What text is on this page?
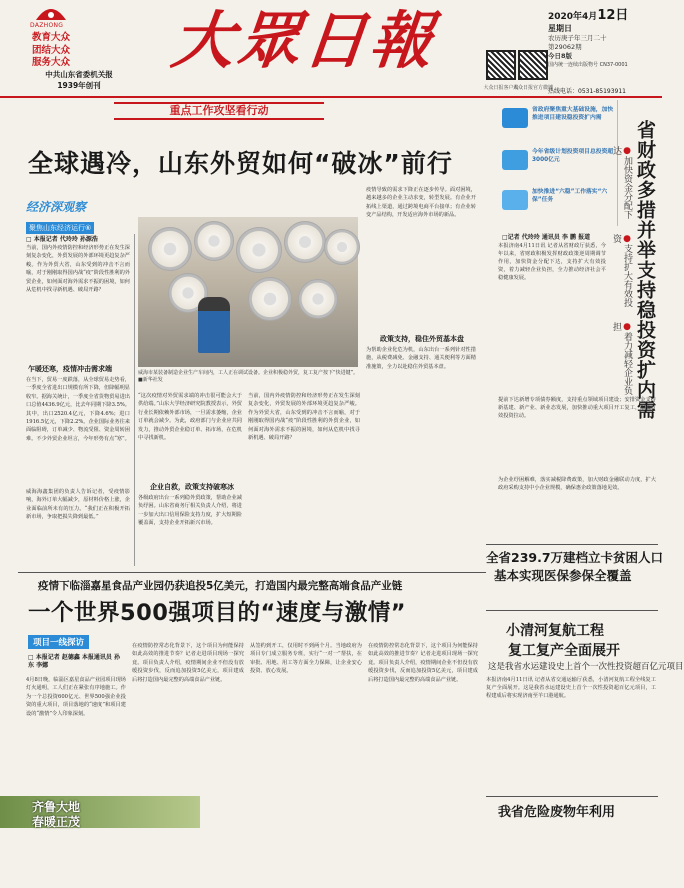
DAZHONG
教育大众
团结大众
服务大众
中共山东省委机关报
1939年创刊
大眾日報
大众日报客户端
大众日报官方微博
2020年4月12日
星期日
农历庚子年三月二十
第29062期
今日8版
国内统一连续出版物号 CN37-0001
热线电话：0531-85193911
重点工作攻坚看行动
全球遇冷，山东外贸如何“破冰”前行
经济深观察
聚焦山东经济运行⑥
□ 本报记者 代玲玲 孙源浩
当前，国内外疫情防控和经济形势正在发生深刻复杂变化，外贸发展的外部环境更趋复杂严峻。作为外贸大省，山东受到的冲击不言而喻，对于刚刚取得国内战“疫”阶段性胜利的外贸企业，如何面对海外需求不振的困境，如何从危机中找寻新机遇、破局开路？
乍暖还寒，疫情冲击需求端
在当下，贸易一度跌落，从全球贸易走势看，一季度全省进出口规模有所下降，但降幅明显收窄。据海关统计，一季度全省货物贸易进出口总值4436.9亿元，比去年同期下降3.5%。其中，出口2520.4亿元，下降4.6%；进口1916.5亿元，下降2.2%。企业国际业务往来面临阻碍，订单减少、物流受阻、资金周转困难。不少外贸企业坦言，今年形势有点“寒”。
威海海鑫集团的负责人告诉记者，受疫情影响，海外订单大幅减少，原材料价格上涨，企业面临前所未有的压力。“我们正在积极开拓新市场，争取把损失降到最低。”
威海市某装备制造企业生产车间内，工人正在调试设备。企业积极稳外贸，复工复产按下“快进键”。 ■新华社发
“这次疫情对外贸需求端的冲击很可能会大于供给端。”山东大学经济研究院教授表示，外贸行业长期依赖外部市场，一旦需求萎缩，企业订单就会减少。为此，政府部门与企业应共同发力，推动外贸企业稳订单、拓市场，在危机中寻找新机。
企业自救，政策支持破寒冰
各级政府出台一系列稳外贸政策，帮助企业减负纾困。山东省商务厅相关负责人介绍，将进一步加大出口信用保险支持力度，扩大短期险覆盖面，支持企业开拓新兴市场。
当前，国内外疫情防控和经济形势正在发生深刻复杂变化，外贸发展的外部环境更趋复杂严峻。作为外贸大省，山东受到的冲击不言而喻，对于刚刚取得国内战“疫”阶段性胜利的外贸企业，如何面对海外需求不振的困境，如何从危机中找寻新机遇、破局开路？
疫情导致的需求下降正在逐步传导。面对困境，越来越多的企业主动求变，转型发展。有企业开拓线上渠道，通过跨境电商平台接单；有企业转变产品结构，开发适应海外市场的新品。
政策支持，稳住外贸基本盘
为帮助企业化危为机，山东出台一系列针对性措施，从税费减免、金融支持、通关便利等方面精准施策，全力以赴稳住外贸基本盘。
疫情下临淄嘉星食品产业园仍获追投5亿美元，打造国内最完整高端食品产业链
一个世界500强项目的“速度与激情”
项目一线探访
□ 本报记者 赵德鑫 本报通讯员 孙 东 李娜
4月8日晚，临淄区嘉星食品产业园项目现场灯火通明，工人们正在紧张有序地施工。作为一个总投资600亿元、世界500强企业投资的重大项目，项目落地的“速度”和项目建设的“激情”令人印象深刻。
在疫情防控常态化背景下，这个项目为何能保持如此高效的推进节奏？记者走进项目现场一探究竟。项目负责人介绍，疫情期间企业不但没有放缓投资步伐，反而追加投资5亿美元，项目建成后将打造国内最完整的高端食品产业链。
从签约到开工，仅用时不到两个月。当地政府为项目专门成立服务专班，实行“一对一”帮扶，在审批、用地、用工等方面全力保障，让企业安心投资、放心发展。
在疫情防控常态化背景下，这个项目为何能保持如此高效的推进节奏？记者走进项目现场一探究竟。项目负责人介绍，疫情期间企业不但没有放缓投资步伐，反而追加投资5亿美元，项目建成后将打造国内最完整的高端食品产业链。
齐鲁大地
春暖正茂
省政府聚焦重大基础设施，加快推进项目建设稳投资扩内需
今年省级计划投资项目总投资超3000亿元
加快推进“六稳”工作落实“六保”任务	省财政多措并举支持稳投资扩内需
●加快资金分配下达
●支持扩大有效投资
●着力减轻企业负担
□记者 代玲玲 通讯员 李 鹏 报道
本报济南4月11日讯 记者从省财政厅获悉，今年以来，省财政积极发挥财政政策逆周期调节作用，加快资金分配下达，支持扩大有效投资，着力减轻企业负担，全力推动经济社会平稳健康发展。
提前下达新增专项债券额度，支持重点领域项目建设；安排资金支持新基建、新产业、新业态发展，加快推动重大项目开工复工，形成有效投资拉动。
为企业纾困解难，落实减税降费政策，加大财政金融联动力度，扩大政府采购支持中小企业规模，确保惠企政策落地见效。
全省239.7万建档立卡贫困人口
基本实现医保参保全覆盖
小清河复航工程
复工复产全面展开
这是我省水运建设史上首个一次性投资超百亿元项目
本报济南4月11日讯 记者从省交通运输厅获悉，小清河复航工程全线复工复产全面展开。这是我省水运建设史上首个一次性投资超百亿元项目，工程建成后将实现济南至羊口港通航。
我省危险废物年利用
